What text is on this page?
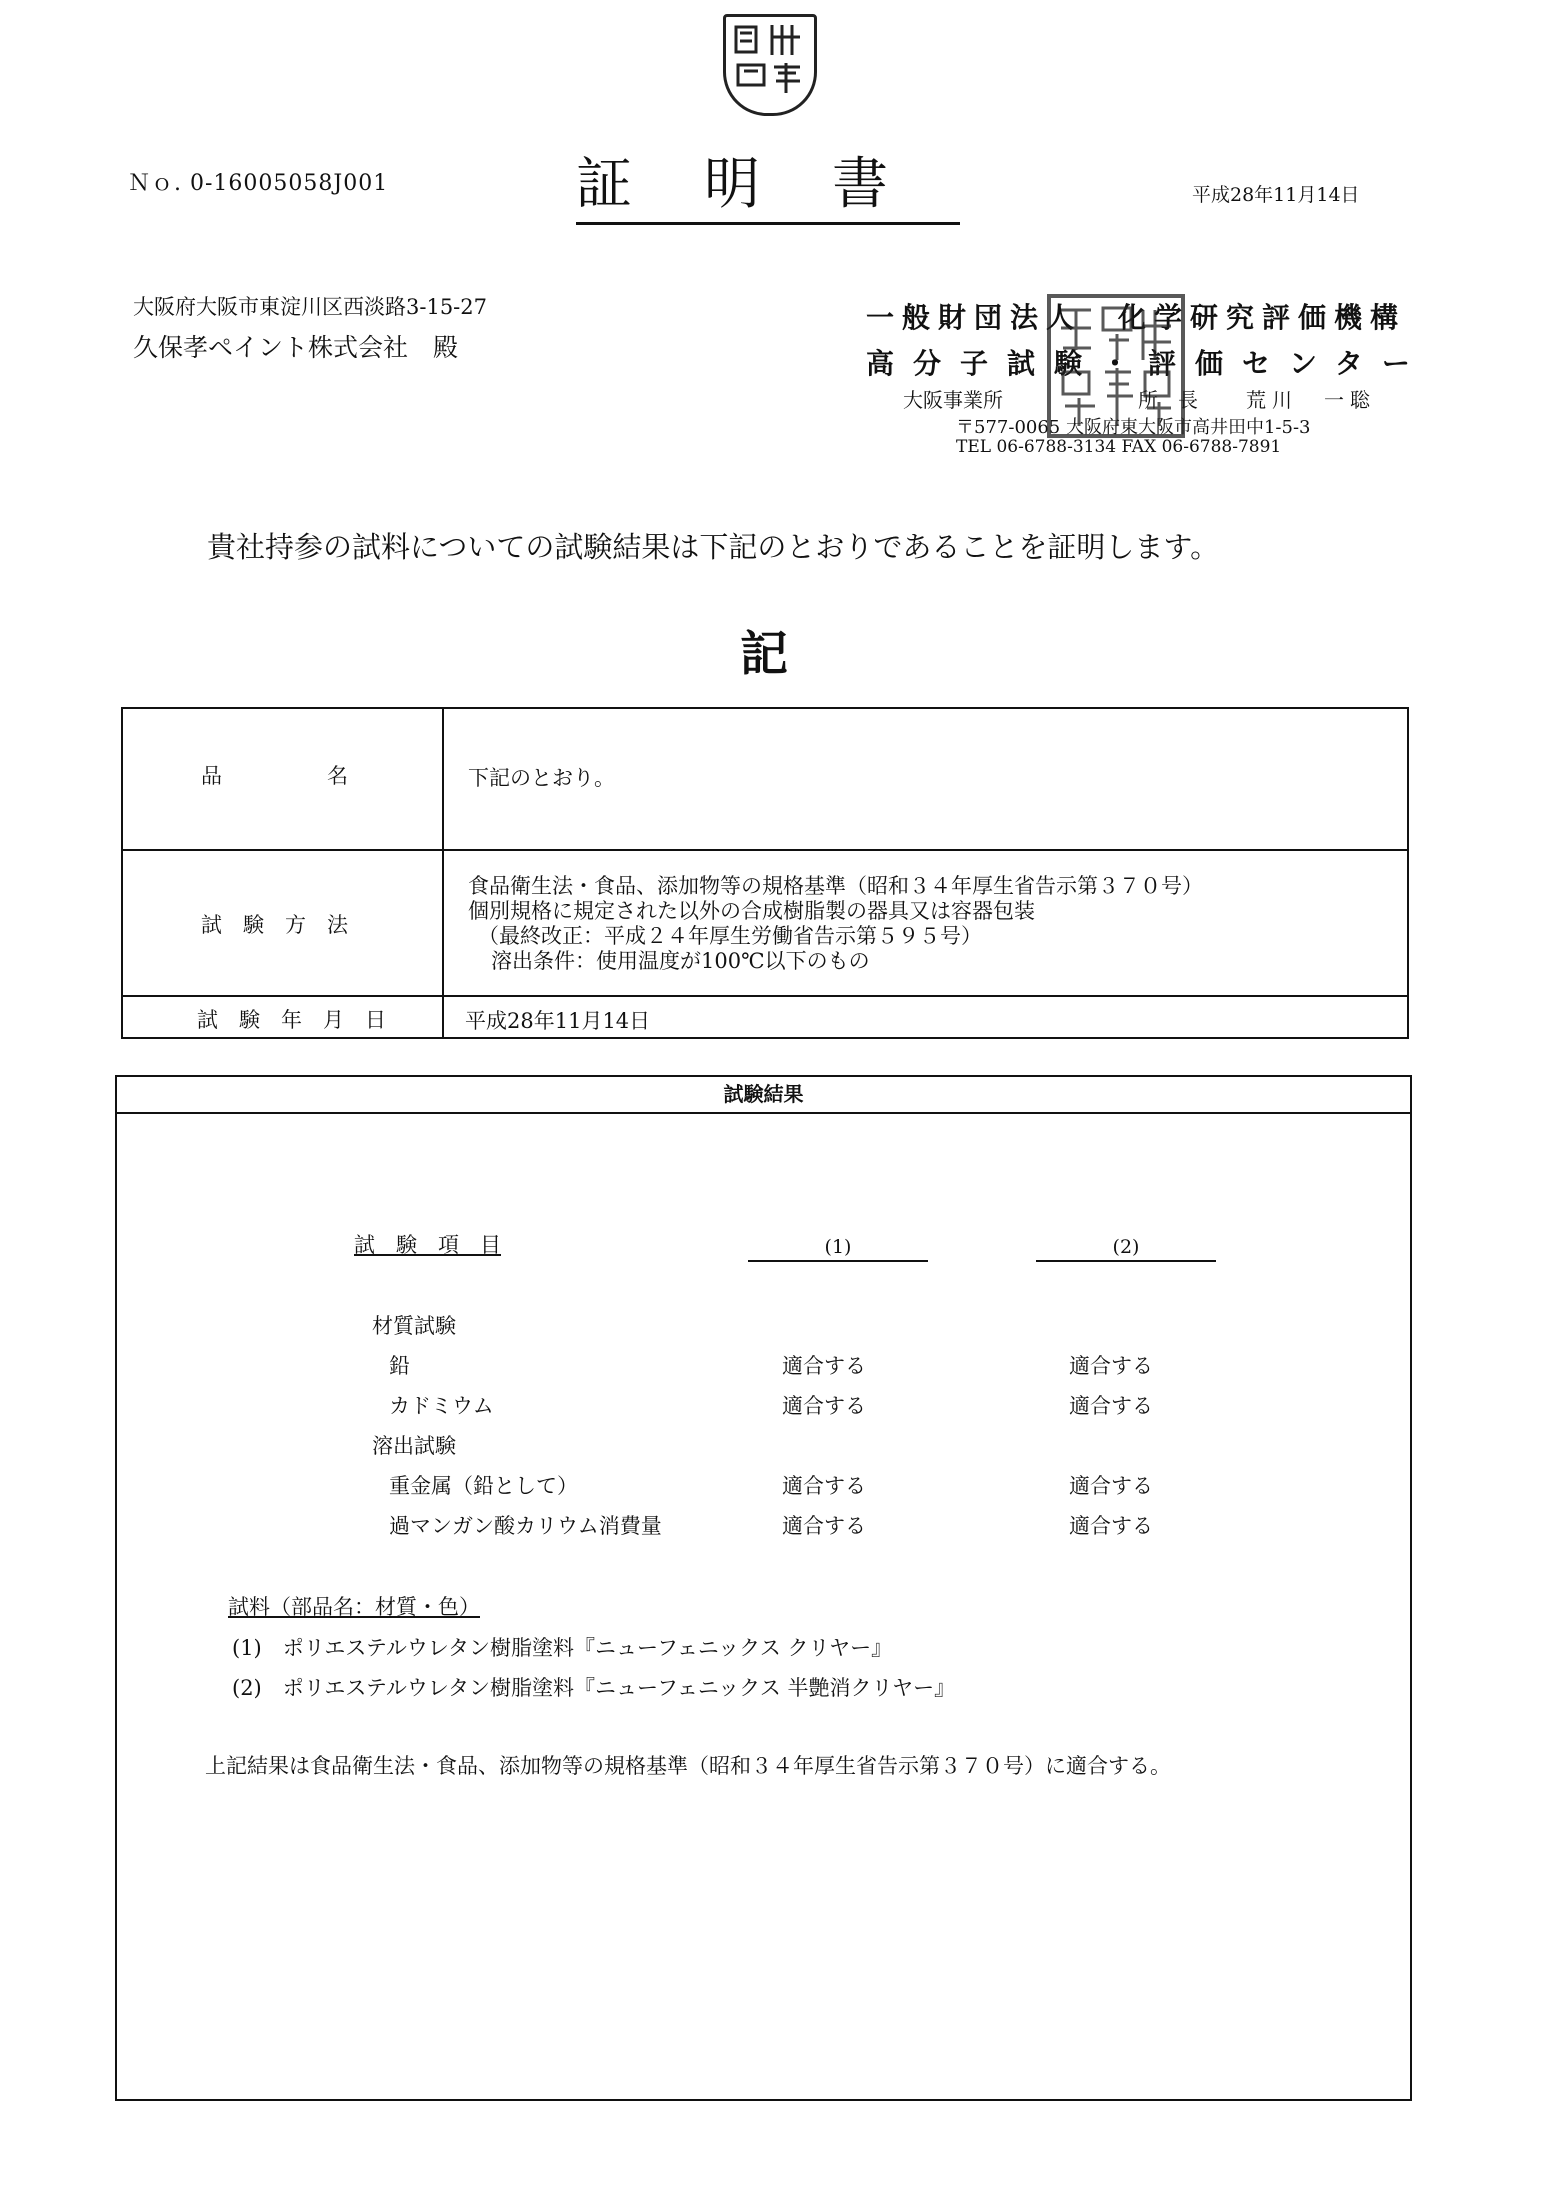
Ｎｏ. 0-16005058J001	証明書	平成28年11月14日
大阪府大阪市東淀川区西淡路3-15-27
久保孝ペイント株式会社　殿
一般財団法人　化学研究評価機構
高分子試験・評価センター
大阪事業所	所　長 荒川　一聡
〒577-0065 大阪府東大阪市高井田中1-5-3
TEL 06-6788-3134 FAX 06-6788-7891
貴社持参の試料についての試験結果は下記のとおりであることを証明します。
記
品　　　　　名	下記のとおり。
試　験　方　法
食品衛生法・食品、添加物等の規格基準（昭和３４年厚生省告示第３７０号）
個別規格に規定された以外の合成樹脂製の器具又は容器包装
（最終改正：平成２４年厚生労働省告示第５９５号）
溶出条件：使用温度が100℃以下のもの
試　験　年　月　日	平成28年11月14日
試験結果
試　験　項　目	(1)	(2)
材質試験
鉛	適合する	適合する
カドミウム	適合する	適合する
溶出試験
重金属（鉛として）	適合する	適合する
過マンガン酸カリウム消費量	適合する	適合する
試料（部品名：材質・色）
(1)　ポリエステルウレタン樹脂塗料『ニューフェニックス クリヤー』
(2)　ポリエステルウレタン樹脂塗料『ニューフェニックス 半艶消クリヤー』
上記結果は食品衛生法・食品、添加物等の規格基準（昭和３４年厚生省告示第３７０号）に適合する。
